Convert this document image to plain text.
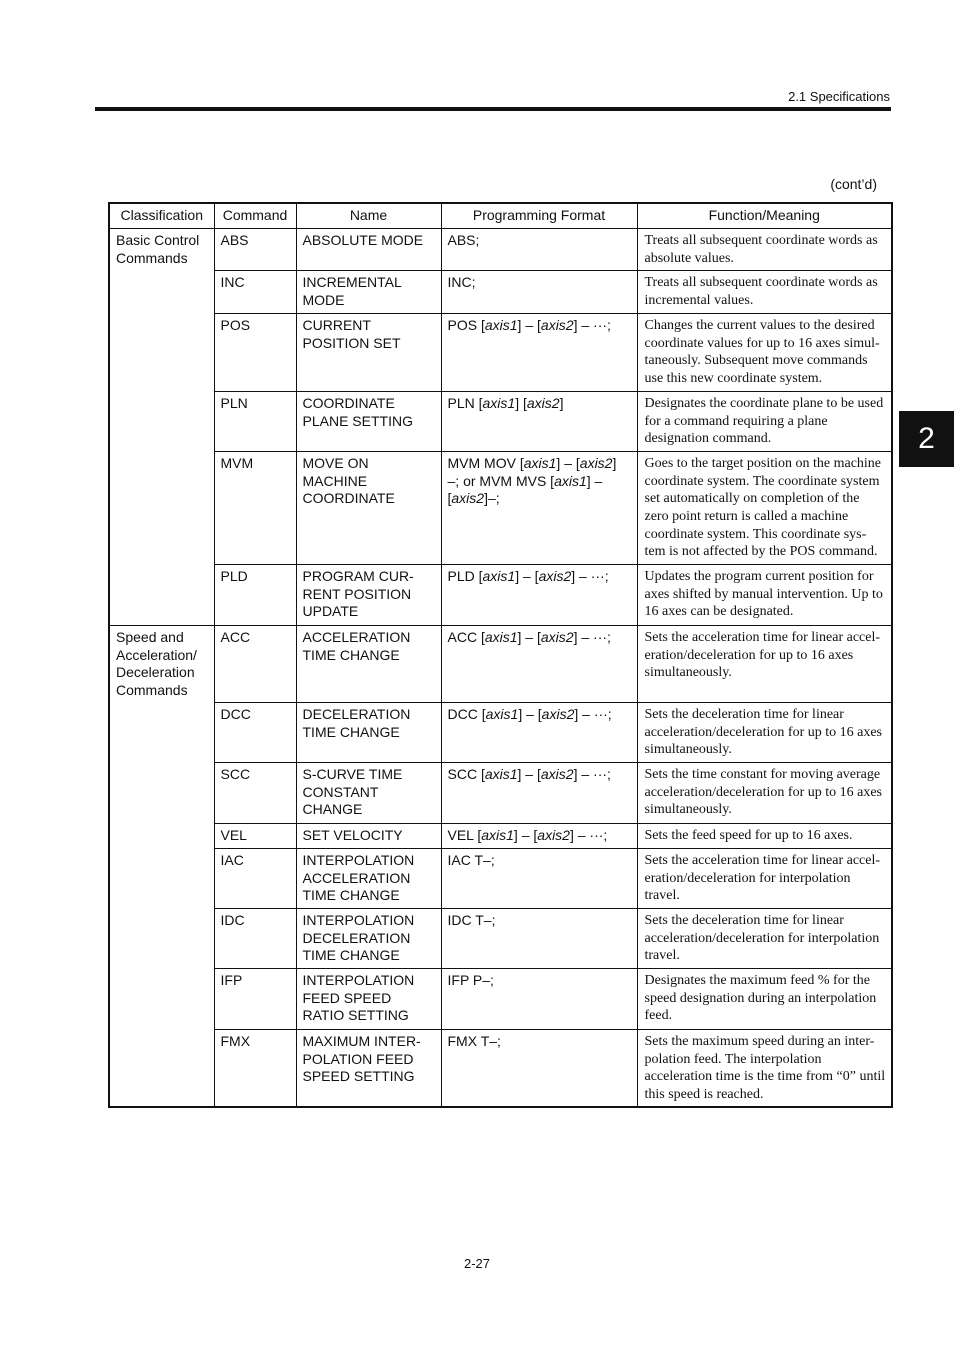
2.1 Specifications
2
(cont’d)
Classification	Command	Name	Programming Format	Function/Meaning
Basic Control Commands	ABS	ABSOLUTE MODE	ABS;	Treats all subsequent coordinate words as absolute values.
	INC	INCREMENTAL MODE	INC;	Treats all subsequent coordinate words as incremental values.
	POS	CURRENT POSITION SET	POS [axis1] – [axis2] – ···;	Changes the current values to the desired coordinate values for up to 16 axes simul- taneously. Subsequent move commands use this new coordinate system.
	PLN	COORDINATE PLANE SETTING	PLN [axis1] [axis2]	Designates the coordinate plane to be used for a command requiring a plane designation command.
	MVM	MOVE ON MACHINE COORDINATE	MVM MOV [axis1] – [axis2] –; or MVM MVS [axis1] – [axis2]–;	Goes to the target position on the machine coordinate system. The coordinate system set automatically on completion of the zero point return is called a machine coordinate system. This coordinate sys- tem is not affected by the POS command.
	PLD	PROGRAM CUR- RENT POSITION UPDATE	PLD [axis1] – [axis2] – ···;	Updates the program current position for axes shifted by manual intervention. Up to 16 axes can be designated.
Speed and Acceleration/ Deceleration Commands	ACC	ACCELERATION TIME CHANGE	ACC [axis1] – [axis2] – ···;	Sets the acceleration time for linear accel- eration/deceleration for up to 16 axes simultaneously.
	DCC	DECELERATION TIME CHANGE	DCC [axis1] – [axis2] – ···;	Sets the deceleration time for linear acceleration/deceleration for up to 16 axes simultaneously.
	SCC	S-CURVE TIME CONSTANT CHANGE	SCC [axis1] – [axis2] – ···;	Sets the time constant for moving average acceleration/deceleration for up to 16 axes simultaneously.
	VEL	SET VELOCITY	VEL [axis1] – [axis2] – ···;	Sets the feed speed for up to 16 axes.
	IAC	INTERPOLATION ACCELERATION TIME CHANGE	IAC T–;	Sets the acceleration time for linear accel- eration/deceleration for interpolation travel.
	IDC	INTERPOLATION DECELERATION TIME CHANGE	IDC T–;	Sets the deceleration time for linear acceleration/deceleration for interpolation travel.
	IFP	INTERPOLATION FEED SPEED RATIO SETTING	IFP P–;	Designates the maximum feed % for the speed designation during an interpolation feed.
	FMX	MAXIMUM INTER- POLATION FEED SPEED SETTING	FMX T–;	Sets the maximum speed during an inter- polation feed. The interpolation acceleration time is the time from “0” until this speed is reached.
2-27
